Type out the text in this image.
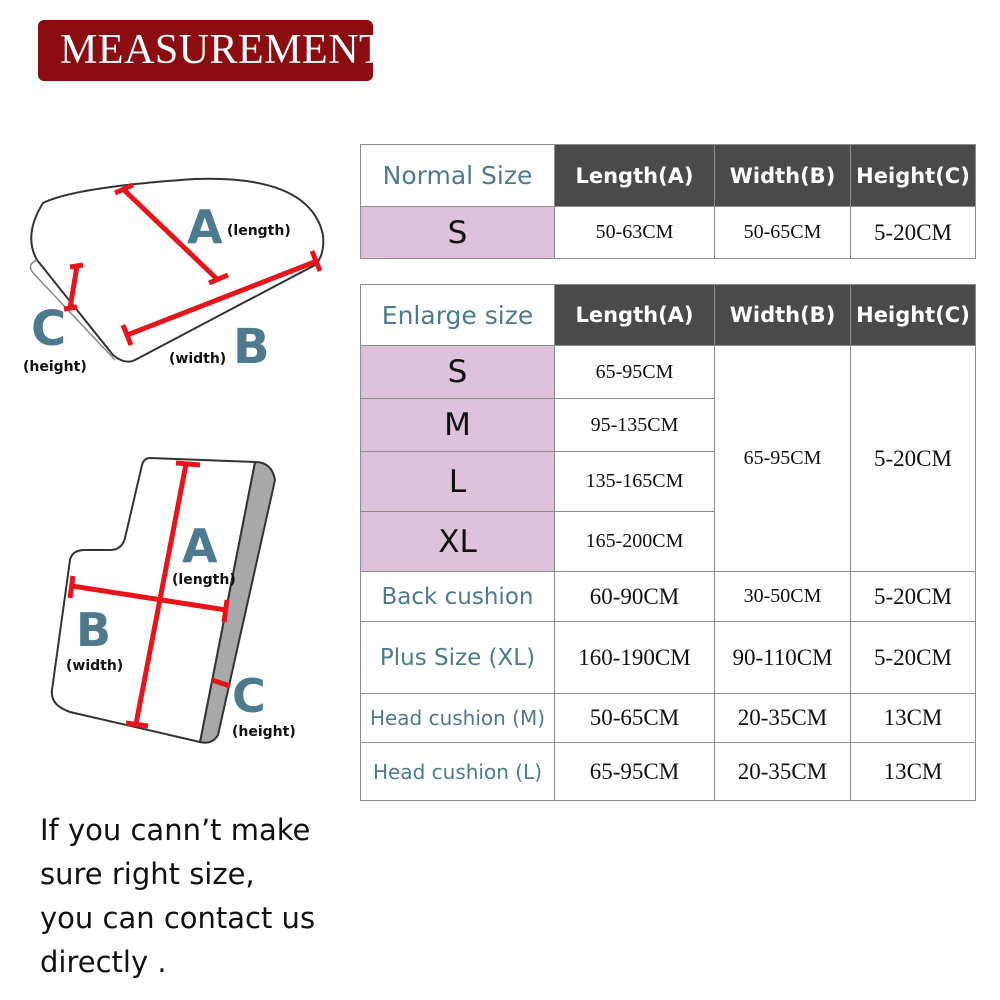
MEASUREMENT
A (length)
B
(width)
C
(height)
A
(length)
B
(width)
C
(height)
Normal Size	Length(A)	Width(B)	Height(C)
S	50-63CM	50-65CM	5-20CM
Enlarge size	Length(A)	Width(B)	Height(C)
S	65-95CM	65-95CM	5-20CM
M	95-135CM		
L	135-165CM		
XL	165-200CM		
Back cushion	60-90CM	30-50CM	5-20CM
Plus Size (XL)	160-190CM	90-110CM	5-20CM
Head cushion (M)	50-65CM	20-35CM	13CM
Head cushion (L)	65-95CM	20-35CM	13CM
If you cann’t make
sure right size,
you can contact us
directly .
